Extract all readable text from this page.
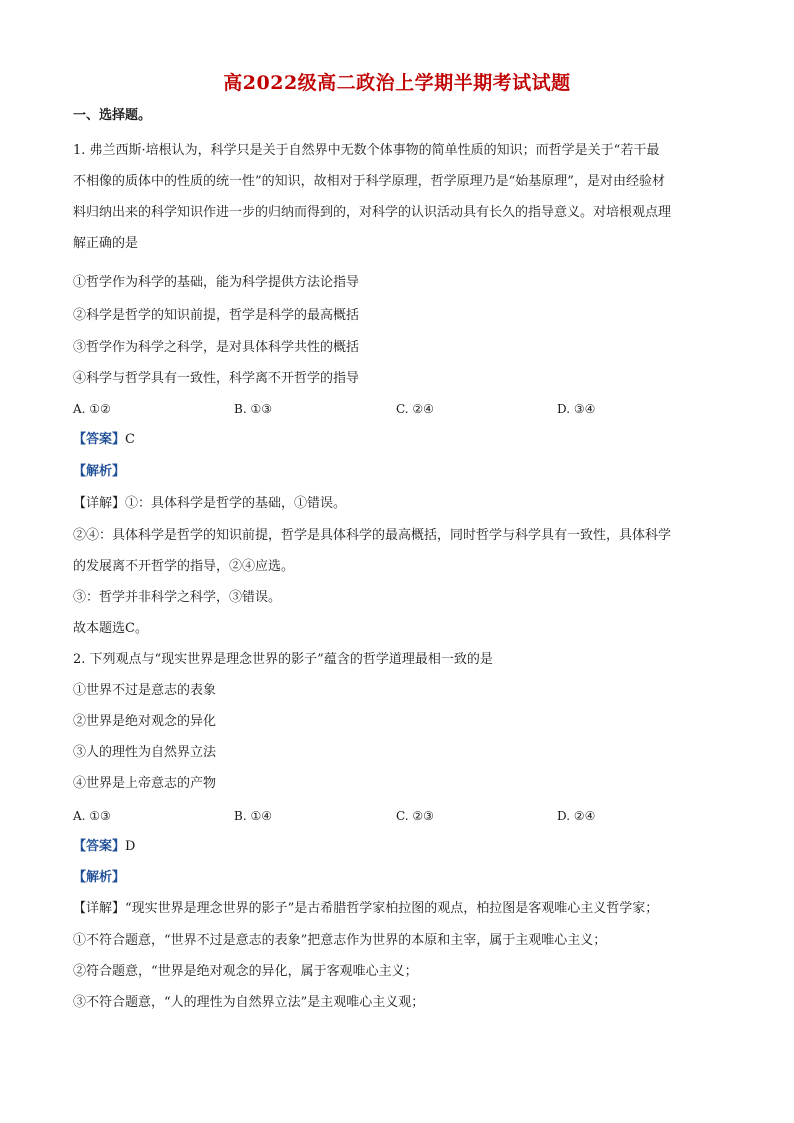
高2022级高二政治上学期半期考试试题
一、选择题。
1. 弗兰西斯·培根认为，科学只是关于自然界中无数个体事物的简单性质的知识；而哲学是关于“若干最
不相像的质体中的性质的统一性”的知识，故相对于科学原理，哲学原理乃是“始基原理”，是对由经验材
料归纳出来的科学知识作进一步的归纳而得到的，对科学的认识活动具有长久的指导意义。对培根观点理
解正确的是
①哲学作为科学的基础，能为科学提供方法论指导
②科学是哲学的知识前提，哲学是科学的最高概括
③哲学作为科学之科学，是对具体科学共性的概括
④科学与哲学具有一致性，科学离不开哲学的指导
A. ①②	B. ①③	C. ②④	D. ③④
【答案】C
【解析】
【详解】①：具体科学是哲学的基础，①错误。
②④：具体科学是哲学的知识前提，哲学是具体科学的最高概括，同时哲学与科学具有一致性，具体科学
的发展离不开哲学的指导，②④应选。
③：哲学并非科学之科学，③错误。
故本题选C。
2. 下列观点与“现实世界是理念世界的影子”蕴含的哲学道理最相一致的是
①世界不过是意志的表象
②世界是绝对观念的异化
③人的理性为自然界立法
④世界是上帝意志的产物
A. ①③	B. ①④	C. ②③	D. ②④
【答案】D
【解析】
【详解】“现实世界是理念世界的影子”是古希腊哲学家柏拉图的观点，柏拉图是客观唯心主义哲学家；
①不符合题意，“世界不过是意志的表象”把意志作为世界的本原和主宰，属于主观唯心主义；
②符合题意，“世界是绝对观念的异化，属于客观唯心主义；
③不符合题意，“人的理性为自然界立法”是主观唯心主义观；
